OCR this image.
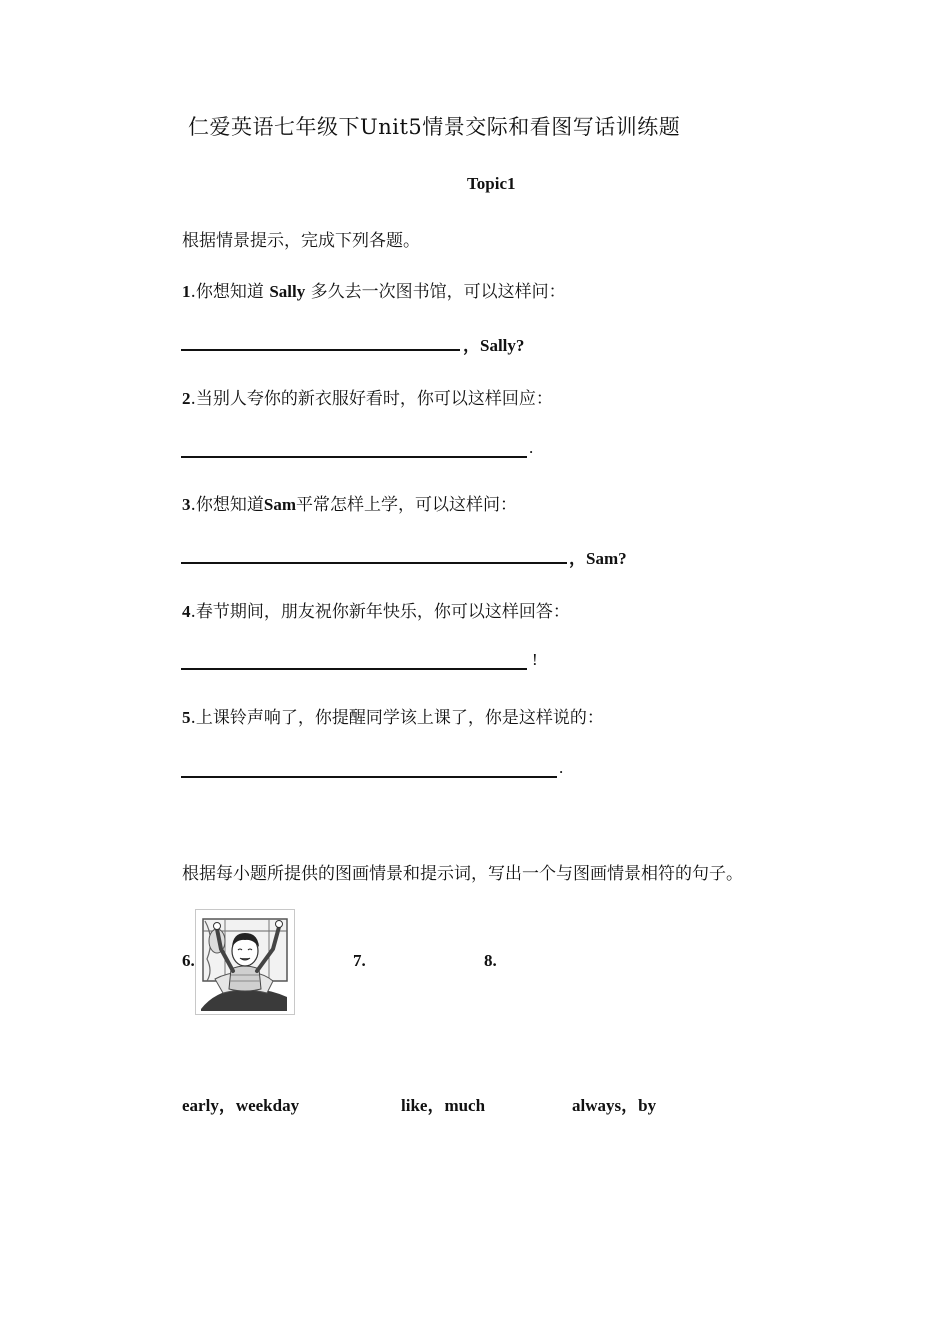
仁爱英语七年级下Unit5情景交际和看图写话训练题
Topic1
根据情景提示，完成下列各题。
1.你想知道 Sally 多久去一次图书馆，可以这样问：
，Sally?
2.当别人夸你的新衣服好看时，你可以这样回应：
.
3.你想知道Sam平常怎样上学，可以这样问：
，Sam?
4.春节期间，朋友祝你新年快乐，你可以这样回答：
!
5.上课铃声响了，你提醒同学该上课了，你是这样说的：
.
根据每小题所提供的图画情景和提示词，写出一个与图画情景相符的句子。
6.	7.	8.
early，weekday	like，much	always，by
